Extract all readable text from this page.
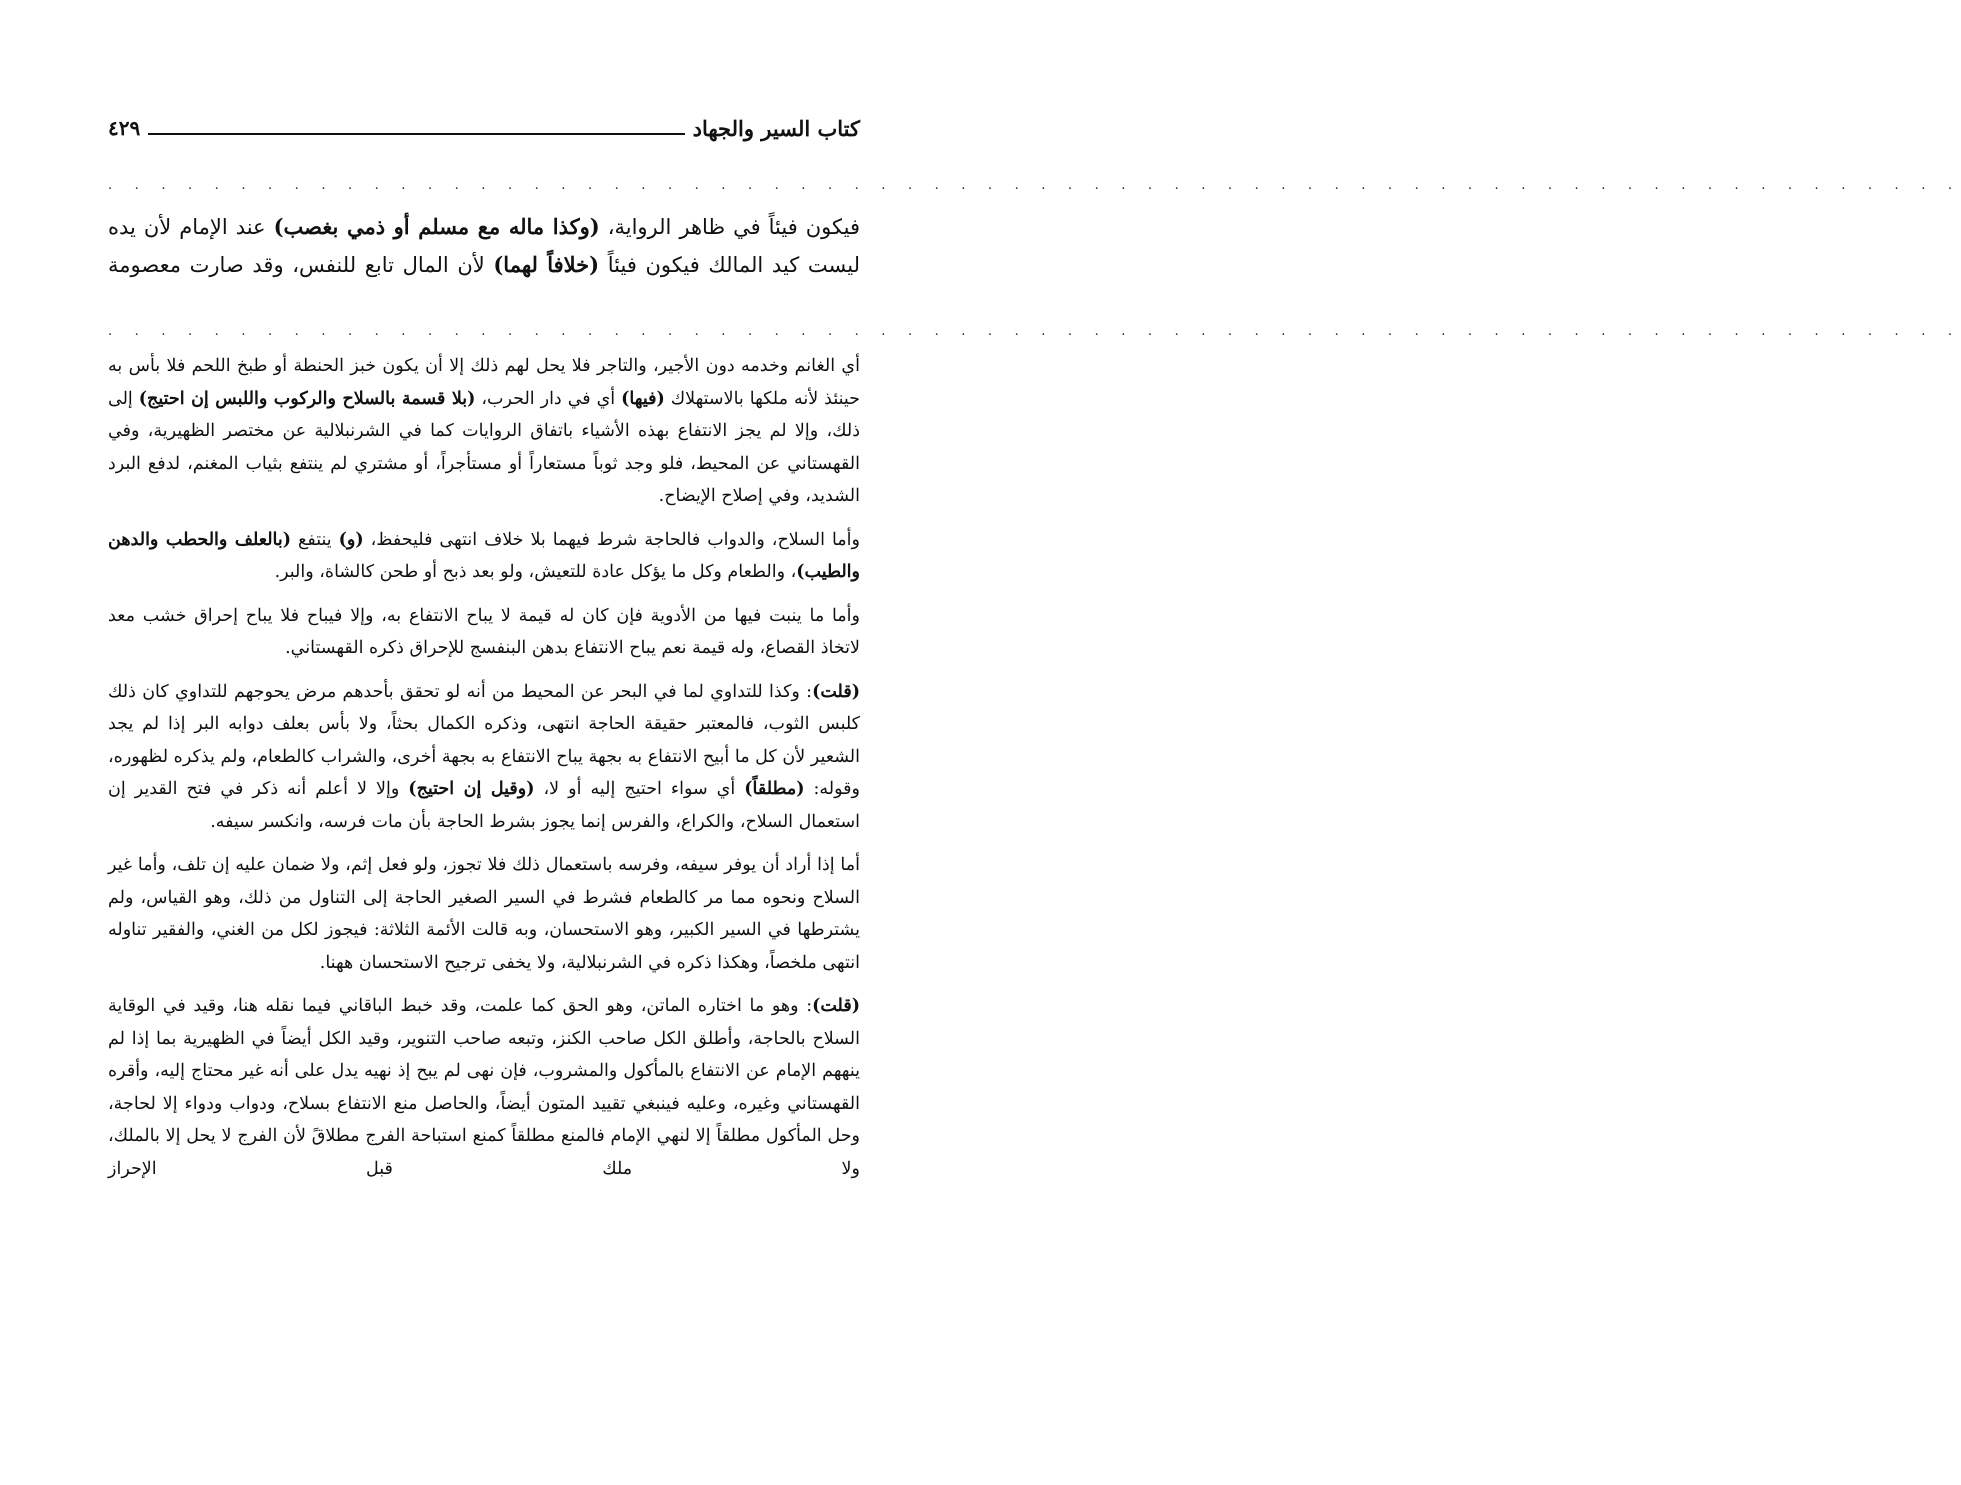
كتاب السير والجهاد
٤٢٩
. . . . . . . . . . . . . . . . . . . . . . . . . . . . . . . . . . . . . . . . . . . . . . . . . . . . . . . . . . . . . . . . . . . . . .

فيكون فيئاً في ظاهر الرواية، (وكذا ماله مع مسلم أو ذمي بغصب) عند الإمام لأن يده ليست كيد المالك فيكون فيئاً (خلافاً لهما) لأن المال تابع للنفس، وقد صارت معصومة

. . . . . . . . . . . . . . . . . . . . . . . . . . . . . . . . . . . . . . . . . . . . . . . . . . . . . . . . . . . . . . . . . . . . . .

أي الغانم وخدمه دون الأجير، والتاجر فلا يحل لهم ذلك إلا أن يكون خبز الحنطة أو طبخ اللحم فلا بأس به حينئذ لأنه ملكها بالاستهلاك (فيها) أي في دار الحرب، (بلا قسمة بالسلاح والركوب واللبس إن احتيج) إلى ذلك، وإلا لم يجز الانتفاع بهذه الأشياء باتفاق الروايات كما في الشرنبلالية عن مختصر الظهيرية، وفي القهستاني عن المحيط، فلو وجد ثوباً مستعاراً أو مستأجراً، أو مشتري لم ينتفع بثياب المغنم، لدفع البرد الشديد، وفي إصلاح الإيضاح.

وأما السلاح، والدواب فالحاجة شرط فيهما بلا خلاف انتهى فليحفظ، (و) ينتفع (بالعلف والحطب والدهن والطيب)، والطعام وكل ما يؤكل عادة للتعيش، ولو بعد ذبح أو طحن كالشاة، والبر.

وأما ما ينبت فيها من الأدوية فإن كان له قيمة لا يباح الانتفاع به، وإلا فيباح فلا يباح إحراق خشب معد لاتخاذ القصاع، وله قيمة نعم يباح الانتفاع بدهن البنفسج للإحراق ذكره القهستاني.

(قلت): وكذا للتداوي لما في البحر عن المحيط من أنه لو تحقق بأحدهم مرض يحوجهم للتداوي كان ذلك كلبس الثوب، فالمعتبر حقيقة الحاجة انتهى، وذكره الكمال بحثاً، ولا بأس بعلف دوابه البر إذا لم يجد الشعير لأن كل ما أبيح الانتفاع به بجهة يباح الانتفاع به بجهة أخرى، والشراب كالطعام، ولم يذكره لظهوره، وقوله: (مطلقاً) أي سواء احتيج إليه أو لا، (وقيل إن احتيج) وإلا لا أعلم أنه ذكر في فتح القدير إن استعمال السلاح، والكراع، والفرس إنما يجوز بشرط الحاجة بأن مات فرسه، وانكسر سيفه.

أما إذا أراد أن يوفر سيفه، وفرسه باستعمال ذلك فلا تجوز، ولو فعل إثم، ولا ضمان عليه إن تلف، وأما غير السلاح ونحوه مما مر كالطعام فشرط في السير الصغير الحاجة إلى التناول من ذلك، وهو القياس، ولم يشترطها في السير الكبير، وهو الاستحسان، وبه قالت الأئمة الثلاثة: فيجوز لكل من الغني، والفقير تناوله انتهى ملخصاً، وهكذا ذكره في الشرنبلالية، ولا يخفى ترجيح الاستحسان ههنا.

(قلت): وهو ما اختاره الماتن، وهو الحق كما علمت، وقد خبط الباقاني فيما نقله هنا، وقيد في الوقاية السلاح بالحاجة، وأطلق الكل صاحب الكنز، وتبعه صاحب التنوير، وقيد الكل أيضاً في الظهيرية بما إذا لم ينههم الإمام عن الانتفاع بالمأكول والمشروب، فإن نهى لم يبح إذ نهيه يدل على أنه غير محتاج إليه، وأقره القهستاني وغيره، وعليه فينبغي تقييد المتون أيضاً، والحاصل منع الانتفاع بسلاح، ودواب ودواء إلا لحاجة، وحل المأكول مطلقاً إلا لنهي الإمام فالمنع مطلقاً كمنع استباحة الفرج مطلاقً لأن الفرج لا يحل إلا بالملك، ولا ملك قبل الإحراز
